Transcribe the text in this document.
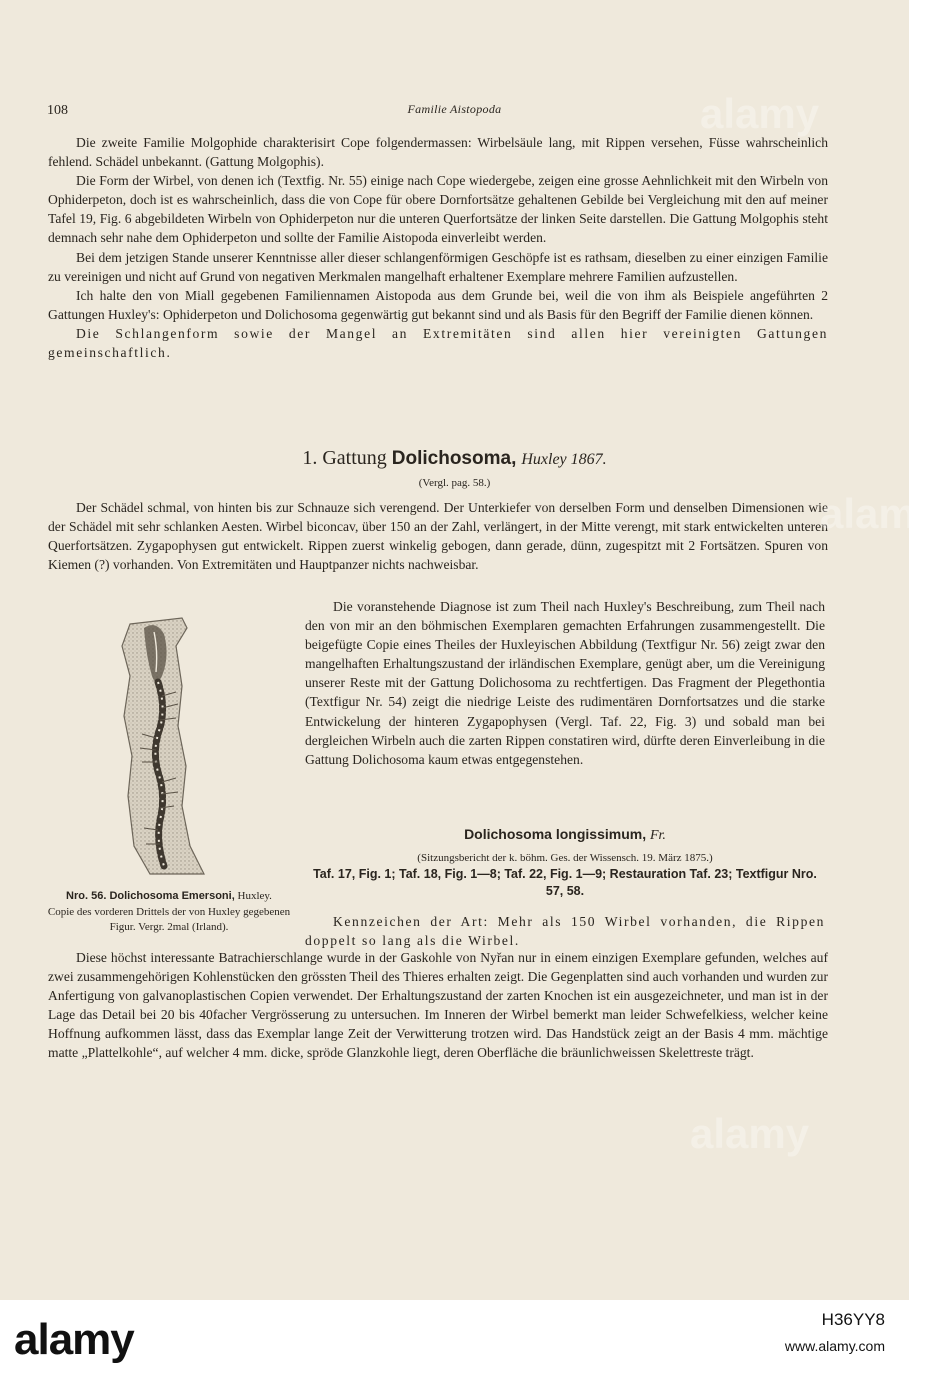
108	Familie Aistopoda
Die zweite Familie Molgophide charakterisirt Cope folgendermassen: Wirbelsäule lang, mit Rippen versehen, Füsse wahrscheinlich fehlend. Schädel unbekannt. (Gattung Molgophis).
Die Form der Wirbel, von denen ich (Textfig. Nr. 55) einige nach Cope wiedergebe, zeigen eine grosse Aehnlichkeit mit den Wirbeln von Ophiderpeton, doch ist es wahrscheinlich, dass die von Cope für obere Dornfortsätze gehaltenen Gebilde bei Vergleichung mit den auf meiner Tafel 19, Fig. 6 abgebildeten Wirbeln von Ophiderpeton nur die unteren Querfortsätze der linken Seite darstellen. Die Gattung Molgophis steht demnach sehr nahe dem Ophiderpeton und sollte der Familie Aistopoda einverleibt werden.
Bei dem jetzigen Stande unserer Kenntnisse aller dieser schlangenförmigen Geschöpfe ist es rathsam, dieselben zu einer einzigen Familie zu vereinigen und nicht auf Grund von negativen Merkmalen mangelhaft erhaltener Exemplare mehrere Familien aufzustellen.
Ich halte den von Miall gegebenen Familiennamen Aistopoda aus dem Grunde bei, weil die von ihm als Beispiele angeführten 2 Gattungen Huxley's: Ophiderpeton und Dolichosoma gegenwärtig gut bekannt sind und als Basis für den Begriff der Familie dienen können.
Die Schlangenform sowie der Mangel an Extremitäten sind allen hier vereinigten Gattungen gemeinschaftlich.
1. Gattung Dolichosoma, Huxley 1867.
(Vergl. pag. 58.)
Der Schädel schmal, von hinten bis zur Schnauze sich verengend. Der Unterkiefer von derselben Form und denselben Dimensionen wie der Schädel mit sehr schlanken Aesten. Wirbel biconcav, über 150 an der Zahl, verlängert, in der Mitte verengt, mit stark entwickelten unteren Querfortsätzen. Zygapophysen gut entwickelt. Rippen zuerst winkelig gebogen, dann gerade, dünn, zugespitzt mit 2 Fortsätzen. Spuren von Kiemen (?) vorhanden. Von Extremitäten und Hauptpanzer nichts nachweisbar.
Die voranstehende Diagnose ist zum Theil nach Huxley's Beschreibung, zum Theil nach den von mir an den böhmischen Exemplaren gemachten Erfahrungen zusammengestellt. Die beigefügte Copie eines Theiles der Huxleyischen Abbildung (Textfigur Nr. 56) zeigt zwar den mangelhaften Erhaltungszustand der irländischen Exemplare, genügt aber, um die Vereinigung unserer Reste mit der Gattung Dolichosoma zu rechtfertigen. Das Fragment der Plegethontia (Textfigur Nr. 54) zeigt die niedrige Leiste des rudimentären Dornfortsatzes und die starke Entwickelung der hinteren Zygapophysen (Vergl. Taf. 22, Fig. 3) und sobald man bei dergleichen Wirbeln auch die zarten Rippen constatiren wird, dürfte deren Einverleibung in die Gattung Dolichosoma kaum etwas entgegenstehen.
Nro. 56. Dolichosoma Emersoni, Huxley.
Copie des vorderen Drittels der von Huxley gegebenen Figur. Vergr. 2mal (Irland).
Dolichosoma longissimum, Fr.
(Sitzungsbericht der k. böhm. Ges. der Wissensch. 19. März 1875.)
Taf. 17, Fig. 1; Taf. 18, Fig. 1—8; Taf. 22, Fig. 1—9; Restauration Taf. 23; Textfigur Nro. 57, 58.
Kennzeichen der Art: Mehr als 150 Wirbel vorhanden, die Rippen doppelt so lang als die Wirbel.
Diese höchst interessante Batrachierschlange wurde in der Gaskohle von Nyřan nur in einem einzigen Exemplare gefunden, welches auf zwei zusammengehörigen Kohlenstücken den grössten Theil des Thieres erhalten zeigt. Die Gegenplatten sind auch vorhanden und wurden zur Anfertigung von galvanoplastischen Copien verwendet. Der Erhaltungszustand der zarten Knochen ist ein ausgezeichneter, und man ist in der Lage das Detail bei 20 bis 40facher Vergrösserung zu untersuchen. Im Inneren der Wirbel bemerkt man leider Schwefelkiess, welcher keine Hoffnung aufkommen lässt, dass das Exemplar lange Zeit der Verwitterung trotzen wird. Das Handstück zeigt an der Basis 4 mm. mächtige matte „Plattelkohle“, auf welcher 4 mm. dicke, spröde Glanzkohle liegt, deren Oberfläche die bräunlichweissen Skelettreste trägt.
alamy
alamy
alamy
alamy	H36YY8
www.alamy.com
